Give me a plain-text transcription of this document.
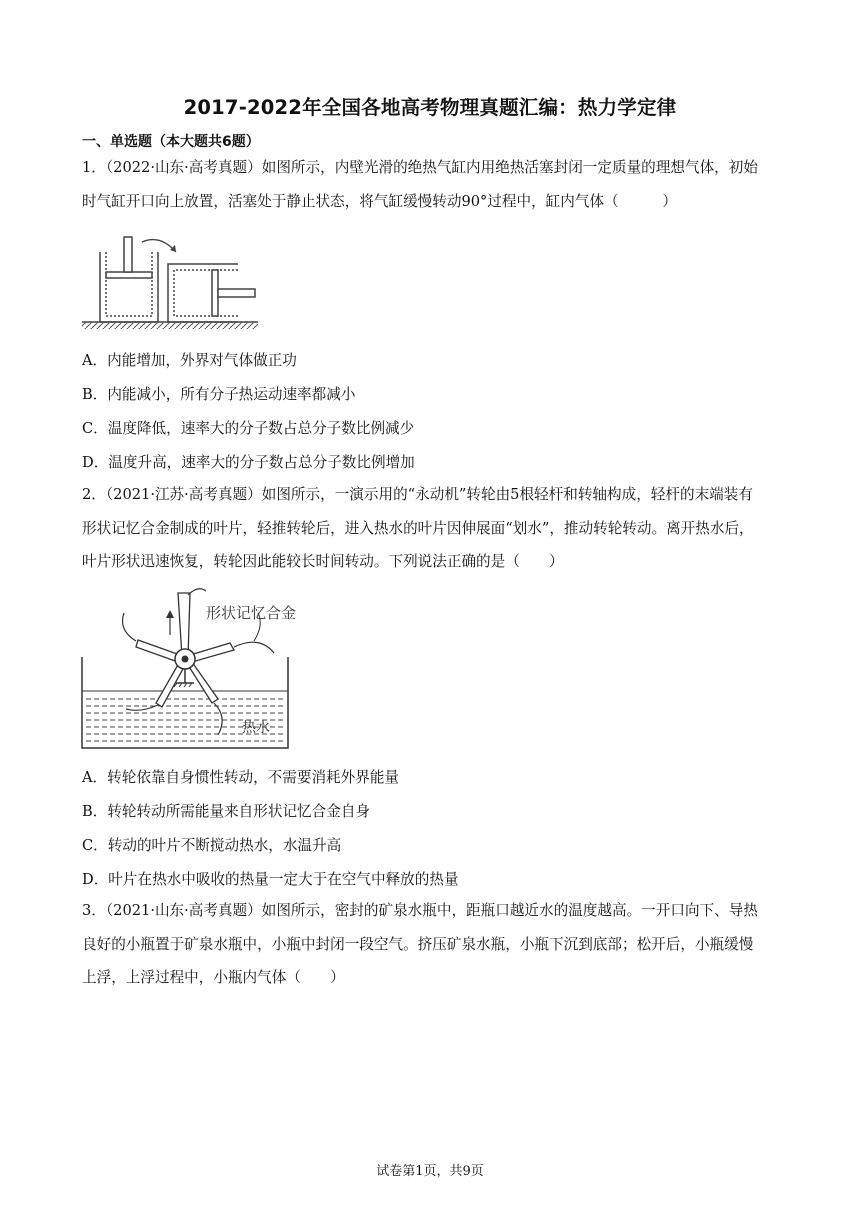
2017-2022年全国各地高考物理真题汇编：热力学定律
一、单选题（本大题共6题）
1．（2022·山东·高考真题）如图所示，内壁光滑的绝热气缸内用绝热活塞封闭一定质量的理想气体，初始
时气缸开口向上放置，活塞处于静止状态，将气缸缓慢转动90°过程中，缸内气体（　　　）
A．内能增加，外界对气体做正功
B．内能减小，所有分子热运动速率都减小
C．温度降低，速率大的分子数占总分子数比例减少
D．温度升高，速率大的分子数占总分子数比例增加
2．（2021·江苏·高考真题）如图所示，一演示用的“永动机”转轮由5根轻杆和转轴构成，轻杆的末端装有
形状记忆合金制成的叶片，轻推转轮后，进入热水的叶片因伸展面“划水”，推动转轮转动。离开热水后，
叶片形状迅速恢复，转轮因此能较长时间转动。下列说法正确的是（　　）
形状记忆合金
热水
A．转轮依靠自身惯性转动，不需要消耗外界能量
B．转轮转动所需能量来自形状记忆合金自身
C．转动的叶片不断搅动热水，水温升高
D．叶片在热水中吸收的热量一定大于在空气中释放的热量
3．（2021·山东·高考真题）如图所示，密封的矿泉水瓶中，距瓶口越近水的温度越高。一开口向下、导热
良好的小瓶置于矿泉水瓶中，小瓶中封闭一段空气。挤压矿泉水瓶，小瓶下沉到底部；松开后，小瓶缓慢
上浮，上浮过程中，小瓶内气体（　　）
试卷第1页，共9页
